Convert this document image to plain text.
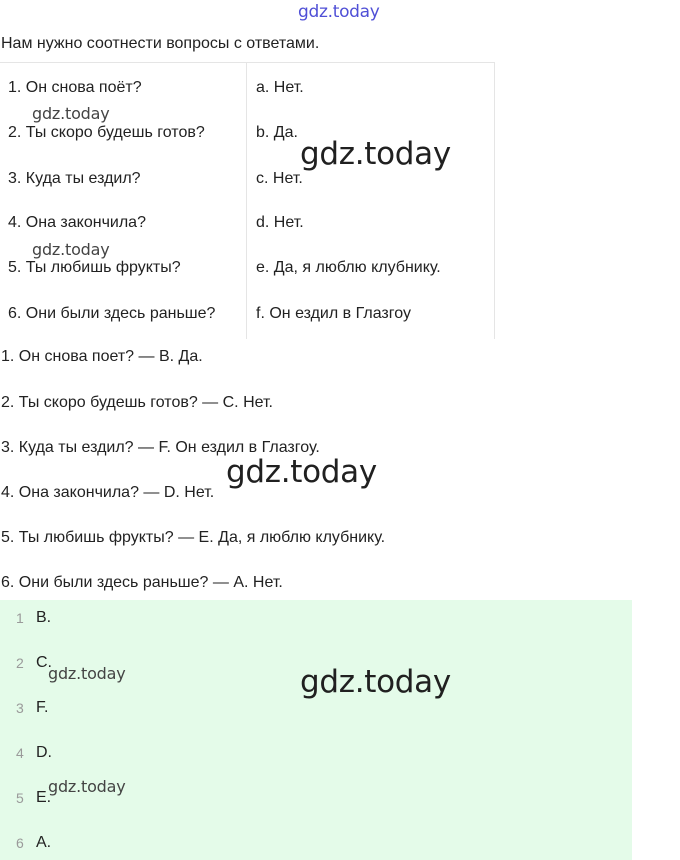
gdz.today
gdz.today
gdz.today
gdz.today
Нам нужно соотнести вопросы с ответами.
1. Он снова поёт?
2. Ты скоро будешь готов?
3. Куда ты ездил?
4. Она закончила?
5. Ты любишь фрукты?
6. Они были здесь раньше?
a. Нет.
b. Да.
c. Нет.
d. Нет.
e. Да, я люблю клубнику.
f. Он ездил в Глазгоу
1. Он снова поет? — B. Да.
2. Ты скоро будешь готов? — C. Нет.
3. Куда ты ездил? — F. Он ездил в Глазгоу.
4. Она закончила? — D. Нет.
5. Ты любишь фрукты? — E. Да, я люблю клубнику.
6. Они были здесь раньше? — A. Нет.
gdz.today
1 B.
2 C.
3 F.
4 D.
5 E.
6 A.
gdz.today	gdz.today
gdz.today
